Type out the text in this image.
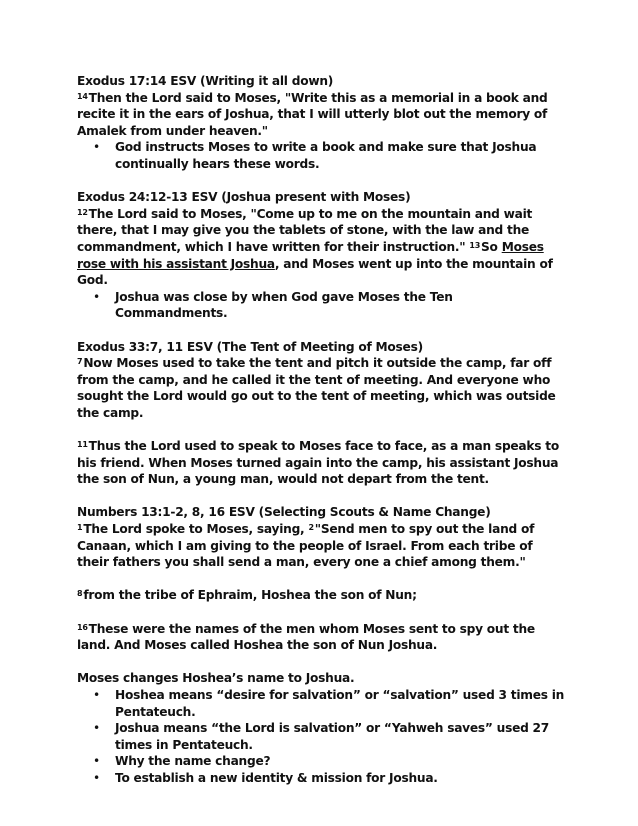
Exodus 17:14 ESV (Writing it all down)

$^{14}$Then the Lord said to Moses, "Write this as a memorial in a book and recite it in the ears of Joshua, that I will utterly blot out the memory of Amalek from under heaven."

• God instructs Moses to write a book and make sure that Joshua continually hears these words.

Exodus 24:12-13 ESV (Joshua present with Moses)

$^{12}$The Lord said to Moses, "Come up to me on the mountain and wait there, that I may give you the tablets of stone, with the law and the commandment, which I have written for their instruction." $^{13}$So Moses rose with his assistant Joshua, and Moses went up into the mountain of God.

• Joshua was close by when God gave Moses the Ten Commandments.

Exodus 33:7, 11 ESV (The Tent of Meeting of Moses)

$^7$Now Moses used to take the tent and pitch it outside the camp, far off from the camp, and he called it the tent of meeting. And everyone who sought the Lord would go out to the tent of meeting, which was outside the camp.

$^{11}$Thus the Lord used to speak to Moses face to face, as a man speaks to his friend. When Moses turned again into the camp, his assistant Joshua the son of Nun, a young man, would not depart from the tent.

Numbers 13:1-2, 8, 16 ESV (Selecting Scouts & Name Change)

$^1$The Lord spoke to Moses, saying, $^2$"Send men to spy out the land of Canaan, which I am giving to the people of Israel. From each tribe of their fathers you shall send a man, every one a chief among them."

$^8$from the tribe of Ephraim, Hoshea the son of Nun;

$^{16}$These were the names of the men whom Moses sent to spy out the land. And Moses called Hoshea the son of Nun Joshua.

Moses changes Hoshea’s name to Joshua.

• Hoshea means “desire for salvation” or “salvation” used 3 times in Pentateuch.
• Joshua means “the Lord is salvation” or “Yahweh saves” used 27 times in Pentateuch.
• Why the name change?
• To establish a new identity & mission for Joshua.
